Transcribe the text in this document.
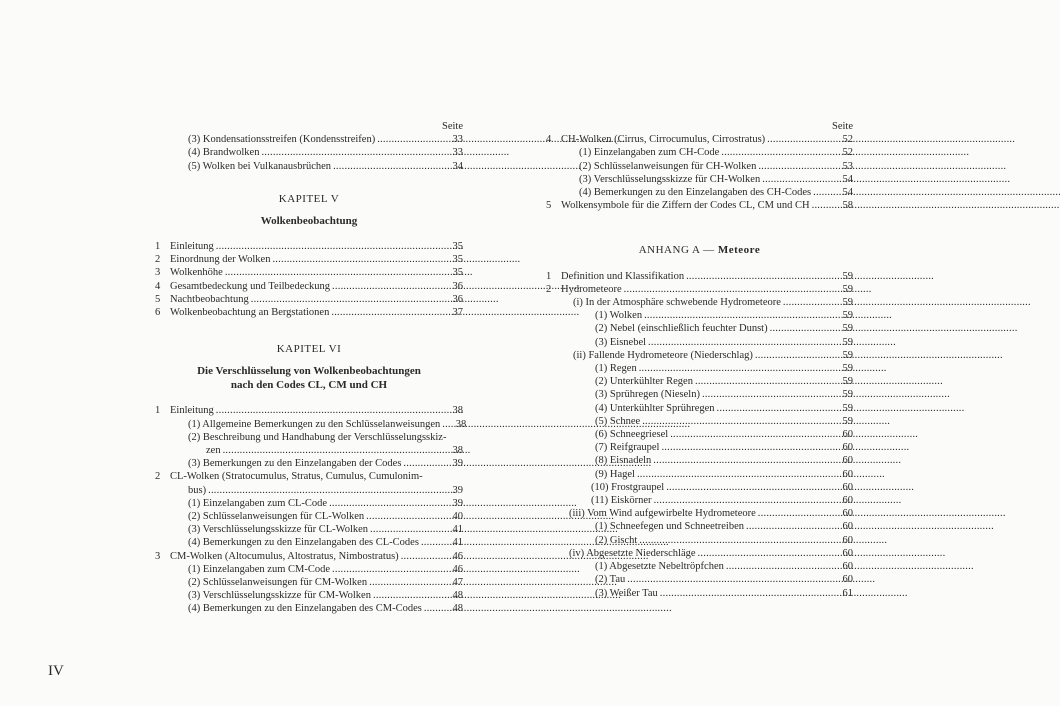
Seite
(3) Kondensationsstreifen (Kondensstreifen) . . .	33
(4) Brandwolken . . .	33
(5) Wolken bei Vulkanausbrüchen . . .	34
KAPITEL V
Wolkenbeobachtung
1 Einleitung . . .	35
2 Einordnung der Wolken . . .	35
3 Wolkenhöhe . . .	35
4 Gesamtbedeckung und Teilbedeckung . . .	36
5 Nachtbeobachtung . . .	36
6 Wolkenbeobachtung an Bergstationen . . .	37
KAPITEL VI
Die Verschlüsselung von Wolkenbeobachtungen
nach den Codes CL, CM und CH
1 Einleitung . . .	38
(1) Allgemeine Bemerkungen zu den Schlüsselanweisungen . . .	38
(2) Beschreibung und Handhabung der Verschlüsselungsskiz-
zen . . .	38
(3) Bemerkungen zu den Einzelangaben der Codes . . .	39
2 CL-Wolken (Stratocumulus, Stratus, Cumulus, Cumulonim-
bus) . . .	39
(1) Einzelangaben zum CL-Code . . .	39
(2) Schlüsselanweisungen für CL-Wolken . . .	40
(3) Verschlüsselungsskizze für CL-Wolken . . .	41
(4) Bemerkungen zu den Einzelangaben des CL-Codes . . .	41
3 CM-Wolken (Altocumulus, Altostratus, Nimbostratus) . . .	46
(1) Einzelangaben zum CM-Code . . .	46
(2) Schlüsselanweisungen für CM-Wolken . . .	47
(3) Verschlüsselungsskizze für CM-Wolken . . .	48
(4) Bemerkungen zu den Einzelangaben des CM-Codes . . .	48
Seite
4 CH-Wolken (Cirrus, Cirrocumulus, Cirrostratus) . . .	52
(1) Einzelangaben zum CH-Code . . .	52
(2) Schlüsselanweisungen für CH-Wolken . . .	53
(3) Verschlüsselungsskizze für CH-Wolken . . .	54
(4) Bemerkungen zu den Einzelangaben des CH-Codes . . .	54
5 Wolkensymbole für die Ziffern der Codes CL, CM und CH . . .	58
ANHANG A — Meteore
1 Definition und Klassifikation . . .	59
2 Hydrometeore . . .	59
(i) In der Atmosphäre schwebende Hydrometeore . . .	59
(1) Wolken . . .	59
(2) Nebel (einschließlich feuchter Dunst) . . .	59
(3) Eisnebel . . .	59
(ii) Fallende Hydrometeore (Niederschlag) . . .	59
(1) Regen . . .	59
(2) Unterkühlter Regen . . .	59
(3) Sprühregen (Nieseln) . . .	59
(4) Unterkühlter Sprühregen . . .	59
(5) Schnee . . .	59
(6) Schneegriesel . . .	60
(7) Reifgraupel . . .	60
(8) Eisnadeln . . .	60
(9) Hagel . . .	60
(10) Frostgraupel . . .	60
(11) Eiskörner . . .	60
(iii) Vom Wind aufgewirbelte Hydrometeore . . .	60
(1) Schneefegen und Schneetreiben . . .	60
(2) Gischt . . .	60
(iv) Abgesetzte Niederschläge . . .	60
(1) Abgesetzte Nebeltröpfchen . . .	60
(2) Tau . . .	60
(3) Weißer Tau . . .	61
IV
